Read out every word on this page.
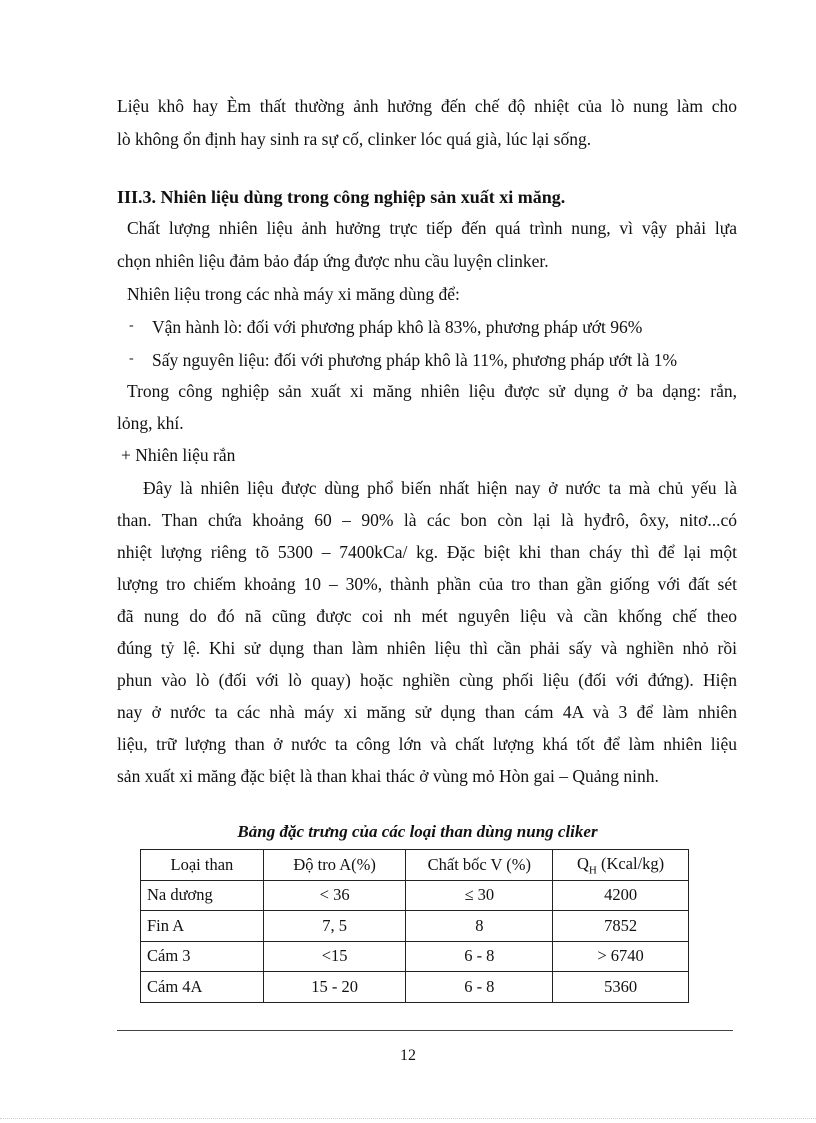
Liệu khô hay Èm thất thường ảnh hưởng đến chế độ nhiệt của lò nung làm cho
lò không ổn định hay sinh ra sự cố, clinker lóc quá già, lúc lại sống.
III.3. Nhiên liệu dùng trong công nghiệp sản xuất xi măng.
Chất lượng nhiên liệu ảnh hưởng trực tiếp đến quá trình nung, vì vậy phải lựa
chọn nhiên liệu đảm bảo đáp ứng được nhu cầu luyện clinker.
Nhiên liệu trong các nhà máy xi măng dùng để:
- Vận hành lò: đối với phương pháp khô là 83%, phương pháp ướt 96%
- Sấy nguyên liệu: đối với phương pháp khô là 11%, phương pháp ướt là 1%
Trong công nghiệp sản xuất xi măng nhiên liệu được sử dụng ở ba dạng: rắn,
lỏng, khí.
+ Nhiên liệu rắn
Đây là nhiên liệu được dùng phổ biến nhất hiện nay ở nước ta mà chủ yếu là
than. Than chứa khoảng 60 – 90% là các bon còn lại là hyđrô, ôxy, nitơ...có
nhiệt lượng riêng tõ 5300 – 7400kCa/ kg. Đặc biệt khi than cháy thì để lại một
lượng tro chiếm khoảng 10 – 30%, thành phần của tro than gần giống với đất sét
đã nung do đó nã cũng được coi nh mét nguyên liệu và cần khống chế theo
đúng tỷ lệ. Khi sử dụng than làm nhiên liệu thì cần phải sấy và nghiền nhỏ rồi
phun vào lò (đối với lò quay) hoặc nghiền cùng phối liệu (đối với đứng). Hiện
nay ở nước ta các nhà máy xi măng sử dụng than cám 4A và 3 để làm nhiên
liệu, trữ lượng than ở nước ta công lớn và chất lượng khá tốt để làm nhiên liệu
sản xuất xi măng đặc biệt là than khai thác ở vùng mỏ Hòn gai – Quảng ninh.
Bảng đặc trưng của các loại than dùng nung cliker
Loại than	Độ tro A(%)	Chất bốc V (%)	$Q_H$ (Kcal/kg)
Na dương	< 36	≤ 30	4200
Fin A	7, 5	8	7852
Cám 3	<15	6 - 8	> 6740
Cám 4A	15 - 20	6 - 8	5360
12
